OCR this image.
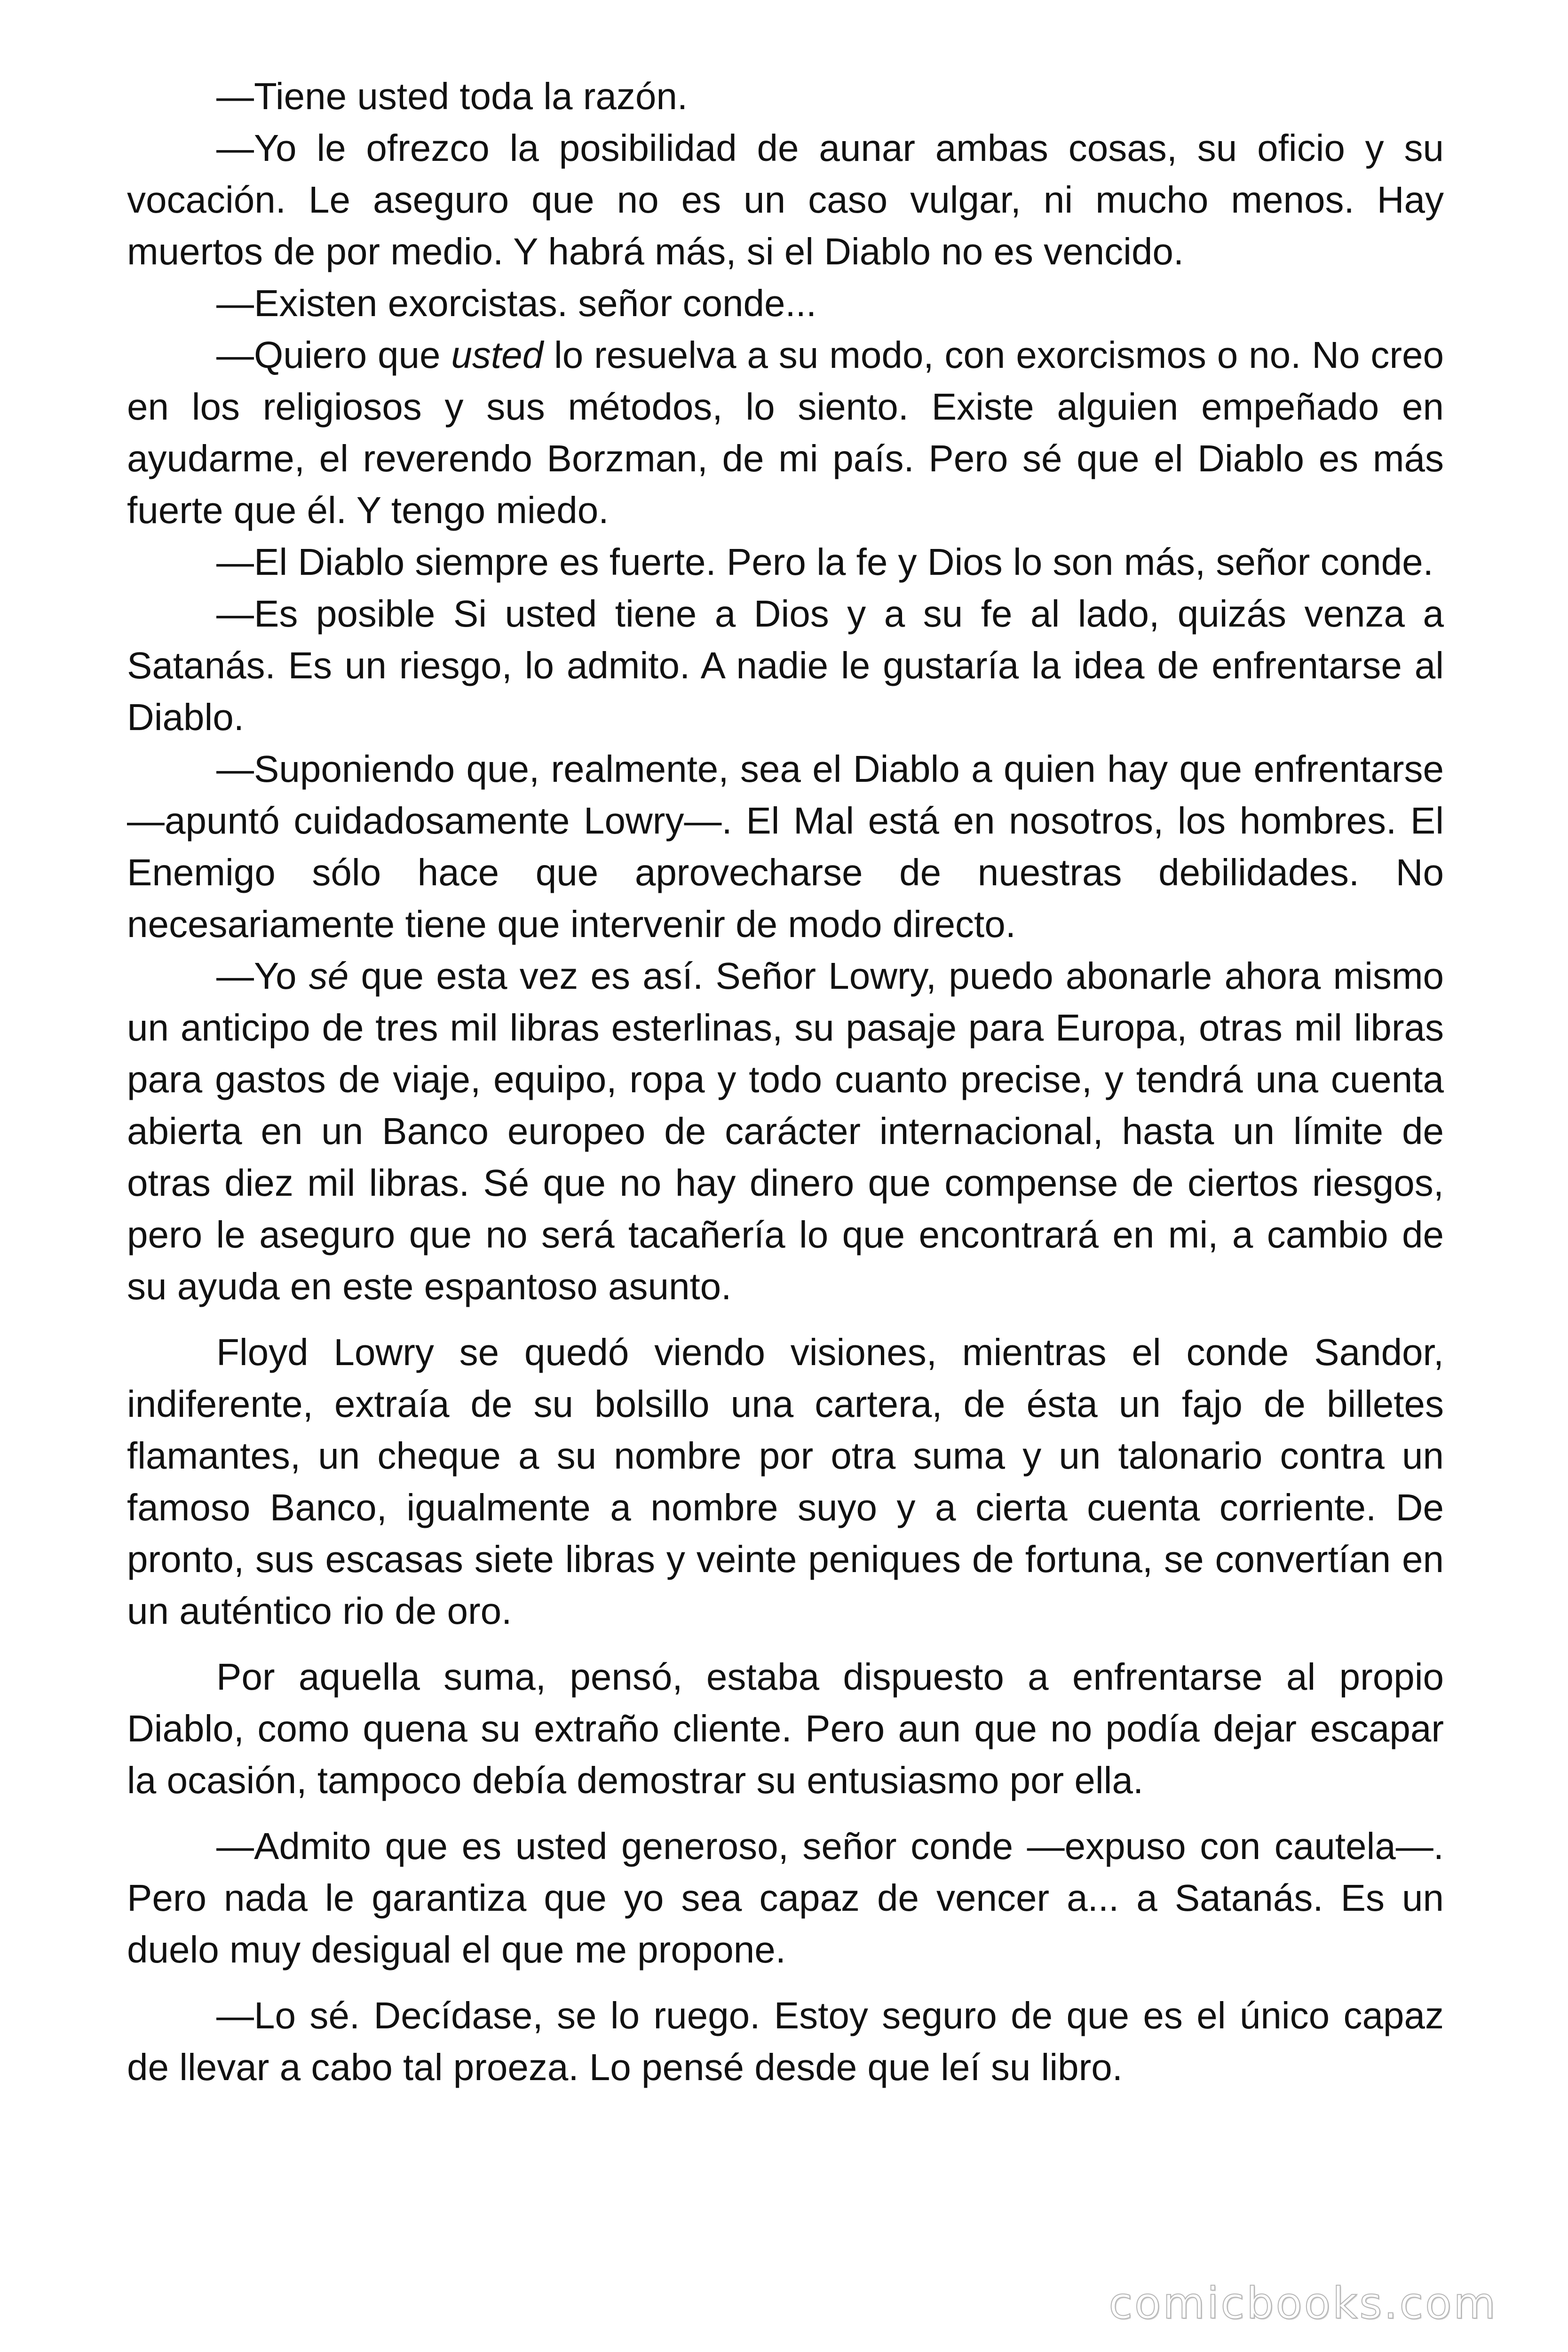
—Tiene usted toda la razón.

—Yo le ofrezco la posibilidad de aunar ambas cosas, su oficio y su vocación. Le aseguro que no es un caso vulgar, ni mucho menos. Hay muertos de por medio. Y habrá más, si el Diablo no es vencido.

—Existen exorcistas. señor conde...

—Quiero que usted lo resuelva a su modo, con exorcismos o no. No creo en los religiosos y sus métodos, lo siento. Existe alguien empeñado en ayudarme, el reverendo Borzman, de mi país. Pero sé que el Diablo es más fuerte que él. Y tengo miedo.

—El Diablo siempre es fuerte. Pero la fe y Dios lo son más, señor conde.

—Es posible Si usted tiene a Dios y a su fe al lado, quizás venza a Satanás. Es un riesgo, lo admito. A nadie le gustaría la idea de enfrentarse al Diablo.

—Suponiendo que, realmente, sea el Diablo a quien hay que enfrentarse —apuntó cuidadosamente Lowry—. El Mal está en nosotros, los hombres. El Enemigo sólo hace que aprovecharse de nuestras debilidades. No necesariamente tiene que intervenir de modo directo.

—Yo sé que esta vez es así. Señor Lowry, puedo abonarle ahora mismo un anticipo de tres mil libras esterlinas, su pasaje para Europa, otras mil libras para gastos de viaje, equipo, ropa y todo cuanto precise, y tendrá una cuenta abierta en un Banco europeo de carácter internacional, hasta un límite de otras diez mil libras. Sé que no hay dinero que compense de ciertos riesgos, pero le aseguro que no será tacañería lo que encontrará en mi, a cambio de su ayuda en este espantoso asunto.

Floyd Lowry se quedó viendo visiones, mientras el conde Sandor, indiferente, extraía de su bolsillo una cartera, de ésta un fajo de billetes flamantes, un cheque a su nombre por otra suma y un talonario contra un famoso Banco, igualmente a nombre suyo y a cierta cuenta corriente. De pronto, sus escasas siete libras y veinte peniques de fortuna, se convertían en un auténtico rio de oro.

Por aquella suma, pensó, estaba dispuesto a enfrentarse al propio Diablo, como quena su extraño cliente. Pero aun que no podía dejar escapar la ocasión, tampoco debía demostrar su entusiasmo por ella.

—Admito que es usted generoso, señor conde —expuso con cautela—. Pero nada le garantiza que yo sea capaz de vencer a... a Satanás. Es un duelo muy desigual el que me propone.

—Lo sé. Decídase, se lo ruego. Estoy seguro de que es el único capaz de llevar a cabo tal proeza. Lo pensé desde que leí su libro.

comicbooks.com
